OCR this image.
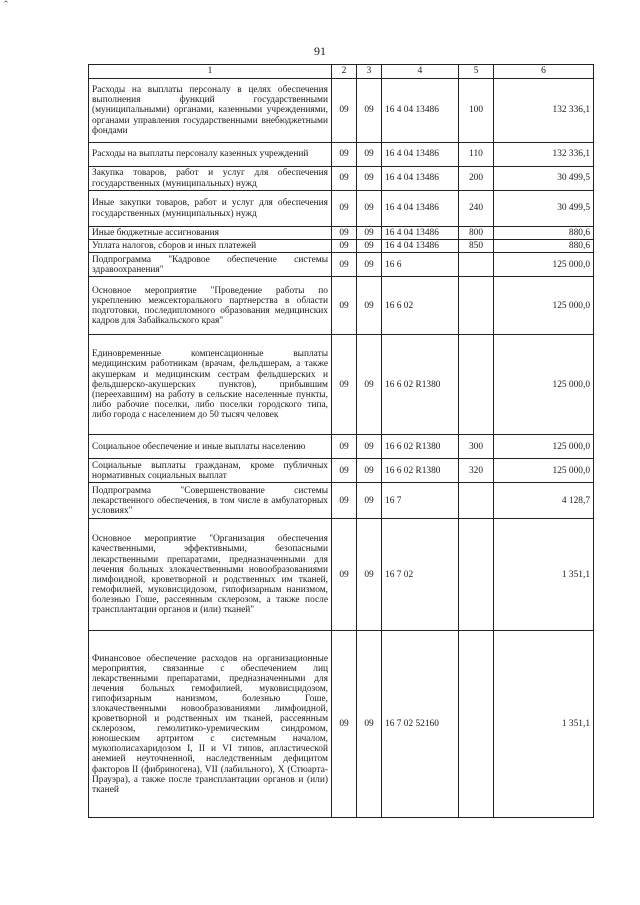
ˆ
91
1	2	3	4	5	6
Расходы на выплаты персоналу в целях обеспечения выполнения функций государственными (муниципальными) органами, казенными учреждениями, органами управления государственными внебюджетными фондами	09	09	16 4 04 13486	100	132 336,1
Расходы на выплаты персоналу казенных учреждений	09	09	16 4 04 13486	110	132 336,1
Закупка товаров, работ и услуг для обеспечения государственных (муниципальных) нужд	09	09	16 4 04 13486	200	30 499,5
Иные закупки товаров, работ и услуг для обеспечения государственных (муниципальных) нужд	09	09	16 4 04 13486	240	30 499,5
Иные бюджетные ассигнования	09	09	16 4 04 13486	800	880,6
Уплата налогов, сборов и иных платежей	09	09	16 4 04 13486	850	880,6
Подпрограмма "Кадровое обеспечение системы здравоохранения"	09	09	16 6		125 000,0
Основное мероприятие "Проведение работы по укреплению межсекторального партнерства в области подготовки, последипломного образования медицинских кадров для Забайкальского края"	09	09	16 6 02		125 000,0
Единовременные компенсационные выплаты медицинским работникам (врачам, фельдшерам, а также акушеркам и медицинским сестрам фельдшерских и фельдшерско-акушерских пунктов), прибывшим (переехавшим) на работу в сельские населенные пункты, либо рабочие поселки, либо поселки городского типа, либо города с населением до 50 тысяч человек	09	09	16 6 02 R1380		125 000,0
Социальное обеспечение и иные выплаты населению	09	09	16 6 02 R1380	300	125 000,0
Социальные выплаты гражданам, кроме публичных нормативных социальных выплат	09	09	16 6 02 R1380	320	125 000,0
Подпрограмма "Совершенствование системы лекарственного обеспечения, в том числе в амбулаторных условиях"	09	09	16 7		4 128,7
Основное мероприятие "Организация обеспечения качественными, эффективными, безопасными лекарственными препаратами, предназначенными для лечения больных злокачественными новообразованиями лимфоидной, кроветворной и родственных им тканей, гемофилией, муковисцидозом, гипофизарным нанизмом, болезнью Гоше, рассеянным склерозом, а также после трансплантации органов и (или) тканей"	09	09	16 7 02		1 351,1
Финансовое обеспечение расходов на организационные мероприятия, связанные с обеспечением лиц лекарственными препаратами, предназначенными для лечения больных гемофилией, муковисцидозом, гипофизарным нанизмом, болезнью Гоше, злокачественными новообразованиями лимфоидной, кроветворной и родственных им тканей, рассеянным склерозом, гемолитико-уремическим синдромом, юношеским артритом с системным началом, мукополисахаридозом I, II и VI типов, апластической анемией неуточненной, наследственным дефицитом факторов II (фибриногена), VII (лабильного), X (Стюарта-Прауэра), а также после трансплантации органов и (или) тканей	09	09	16 7 02 52160		1 351,1
